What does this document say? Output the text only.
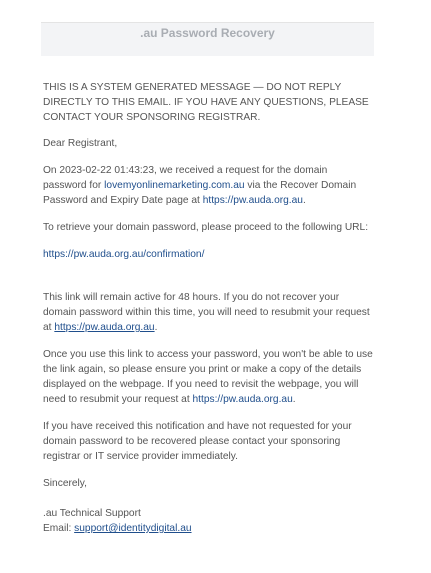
.au Password Recovery

THIS IS A SYSTEM GENERATED MESSAGE — DO NOT REPLY DIRECTLY TO THIS EMAIL. IF YOU HAVE ANY QUESTIONS, PLEASE CONTACT YOUR SPONSORING REGISTRAR.

Dear Registrant,

On 2023-02-22 01:43:23, we received a request for the domain password for lovemyonlinemarketing.com.au via the Recover Domain Password and Expiry Date page at https://pw.auda.org.au.

To retrieve your domain password, please proceed to the following URL:

https://pw.auda.org.au/confirmation/

This link will remain active for 48 hours. If you do not recover your domain password within this time, you will need to resubmit your request at https://pw.auda.org.au.

Once you use this link to access your password, you won't be able to use the link again, so please ensure you print or make a copy of the details displayed on the webpage. If you need to revisit the webpage, you will need to resubmit your request at https://pw.auda.org.au.

If you have received this notification and have not requested for your domain password to be recovered please contact your sponsoring registrar or IT service provider immediately.

Sincerely,

.au Technical Support

Email: support@identitydigital.au
